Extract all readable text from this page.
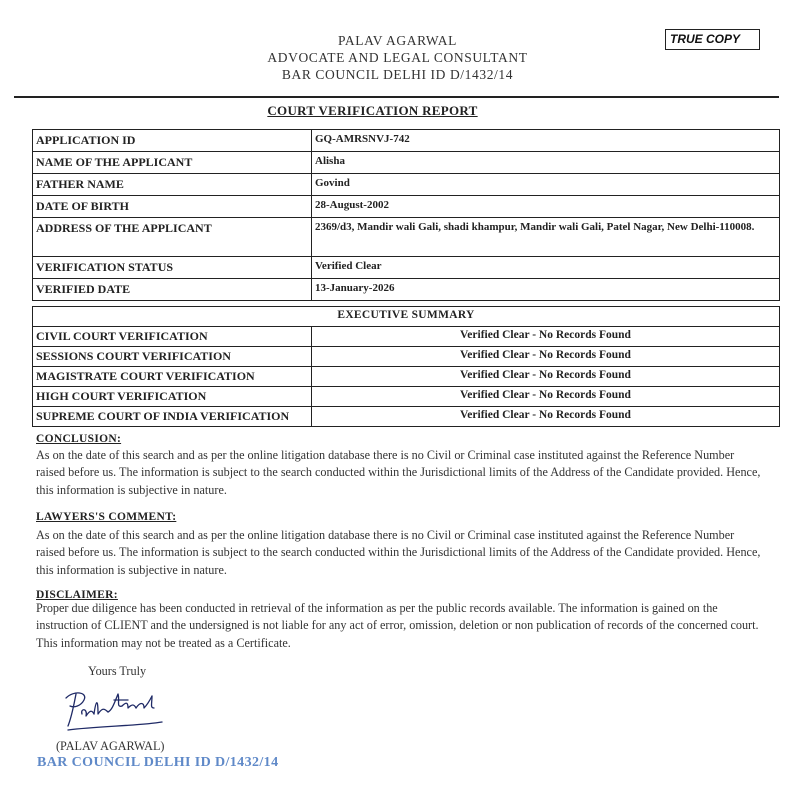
PALAV AGARWAL
ADVOCATE AND LEGAL CONSULTANT
BAR COUNCIL DELHI ID D/1432/14
TRUE COPY
COURT VERIFICATION REPORT
APPLICATION ID	GQ-AMRSNVJ-742
NAME OF THE APPLICANT	Alisha
FATHER NAME	Govind
DATE OF BIRTH	28-August-2002
ADDRESS OF THE APPLICANT	2369/d3, Mandir wali Gali, shadi khampur, Mandir wali Gali, Patel Nagar, New Delhi-110008.
VERIFICATION STATUS	Verified Clear
VERIFIED DATE	13-January-2026
EXECUTIVE SUMMARY	
CIVIL COURT VERIFICATION	Verified Clear - No Records Found
SESSIONS COURT VERIFICATION	Verified Clear - No Records Found
MAGISTRATE COURT VERIFICATION	Verified Clear - No Records Found
HIGH COURT VERIFICATION	Verified Clear - No Records Found
SUPREME COURT OF INDIA VERIFICATION	Verified Clear - No Records Found
CONCLUSION:
As on the date of this search and as per the online litigation database there is no Civil or Criminal case instituted against the Reference Number raised before us. The information is subject to the search conducted within the Jurisdictional limits of the Address of the Candidate provided. Hence, this information is subjective in nature.
LAWYERS'S COMMENT:
As on the date of this search and as per the online litigation database there is no Civil or Criminal case instituted against the Reference Number raised before us. The information is subject to the search conducted within the Jurisdictional limits of the Address of the Candidate provided. Hence, this information is subjective in nature.
DISCLAIMER:
Proper due diligence has been conducted in retrieval of the information as per the public records available. The information is gained on the instruction of CLIENT and the undersigned is not liable for any act of error, omission, deletion or non publication of records of the concerned court. This information may not be treated as a Certificate.
Yours Truly
(PALAV AGARWAL)
BAR COUNCIL DELHI ID D/1432/14
